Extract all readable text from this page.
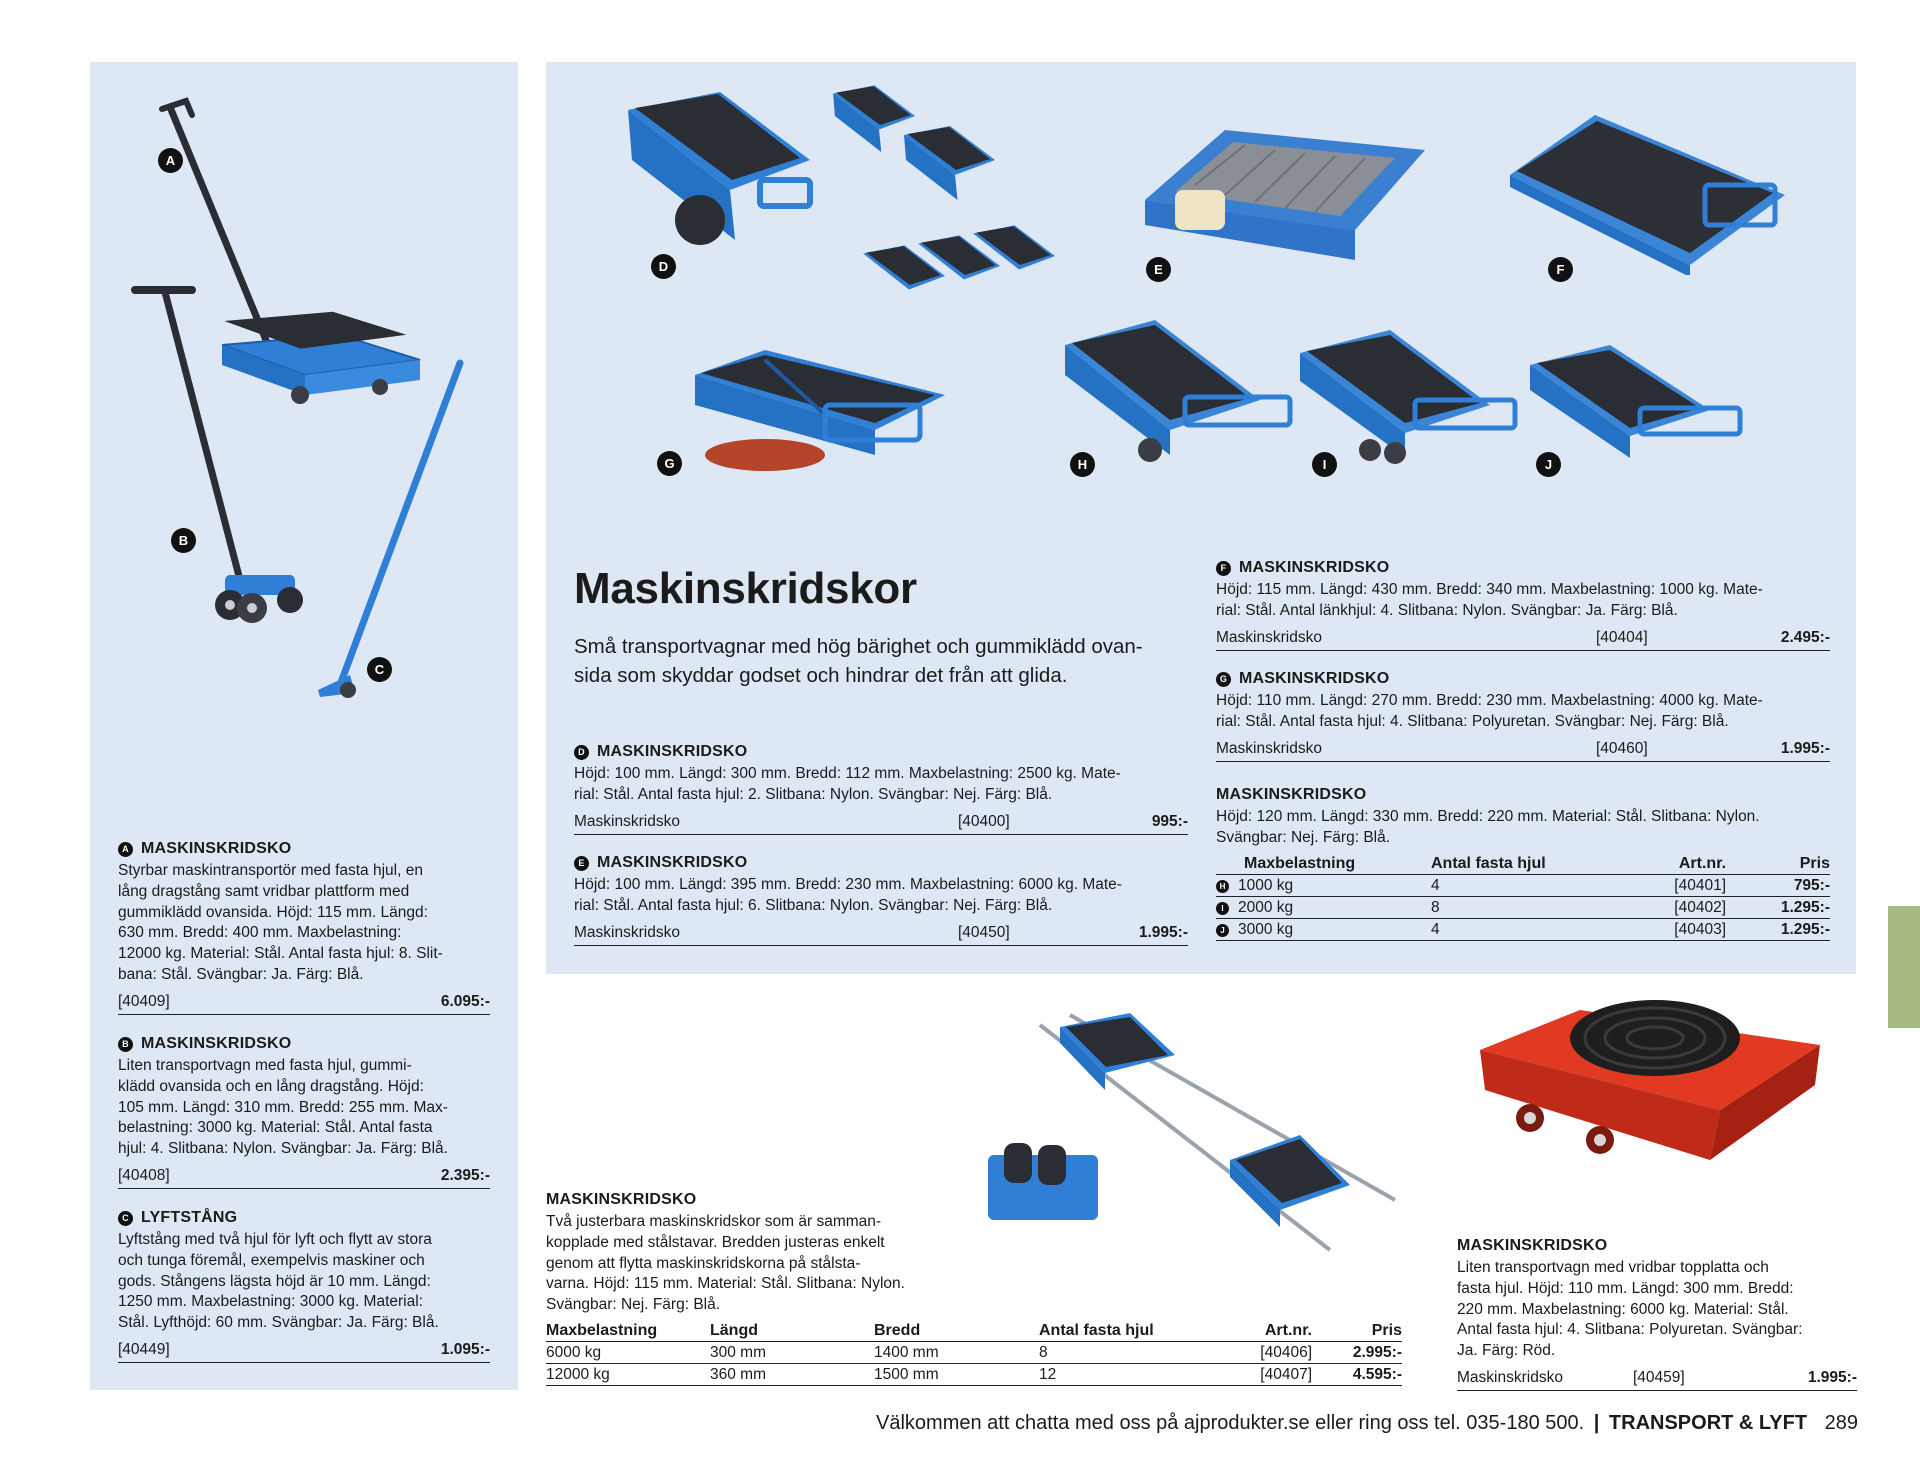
A
B
C
D	E	F
G	H	I	J
A MASKINSKRIDSKO
Styrbar maskintransportör med fasta hjul, en
lång dragstång samt vridbar plattform med
gummiklädd ovansida. Höjd: 115 mm. Längd:
630 mm. Bredd: 400 mm. Maxbelastning:
12000 kg. Material: Stål. Antal fasta hjul: 8. Slit-
bana: Stål. Svängbar: Ja. Färg: Blå.
[40409]	6.095:-
B MASKINSKRIDSKO
Liten transportvagn med fasta hjul, gummi-
klädd ovansida och en lång dragstång. Höjd:
105 mm. Längd: 310 mm. Bredd: 255 mm. Max-
belastning: 3000 kg. Material: Stål. Antal fasta
hjul: 4. Slitbana: Nylon. Svängbar: Ja. Färg: Blå.
[40408]	2.395:-
C LYFTSTÅNG
Lyftstång med två hjul för lyft och flytt av stora
och tunga föremål, exempelvis maskiner och
gods. Stångens lägsta höjd är 10 mm. Längd:
1250 mm. Maxbelastning: 3000 kg. Material:
Stål. Lyfthöjd: 60 mm. Svängbar: Ja. Färg: Blå.
[40449]	1.095:-
Maskinskridskor
Små transportvagnar med hög bärighet och gummiklädd ovan-
sida som skyddar godset och hindrar det från att glida.
D MASKINSKRIDSKO
Höjd: 100 mm. Längd: 300 mm. Bredd: 112 mm. Maxbelastning: 2500 kg. Mate-
rial: Stål. Antal fasta hjul: 2. Slitbana: Nylon. Svängbar: Nej. Färg: Blå.
Maskinskridsko	[40400]	995:-
E MASKINSKRIDSKO
Höjd: 100 mm. Längd: 395 mm. Bredd: 230 mm. Maxbelastning: 6000 kg. Mate-
rial: Stål. Antal fasta hjul: 6. Slitbana: Nylon. Svängbar: Nej. Färg: Blå.
Maskinskridsko	[40450]	1.995:-
F MASKINSKRIDSKO
Höjd: 115 mm. Längd: 430 mm. Bredd: 340 mm. Maxbelastning: 1000 kg. Mate-
rial: Stål. Antal länkhjul: 4. Slitbana: Nylon. Svängbar: Ja. Färg: Blå.
Maskinskridsko	[40404]	2.495:-
G MASKINSKRIDSKO
Höjd: 110 mm. Längd: 270 mm. Bredd: 230 mm. Maxbelastning: 4000 kg. Mate-
rial: Stål. Antal fasta hjul: 4. Slitbana: Polyuretan. Svängbar: Nej. Färg: Blå.
Maskinskridsko	[40460]	1.995:-
MASKINSKRIDSKO
Höjd: 120 mm. Längd: 330 mm. Bredd: 220 mm. Material: Stål. Slitbana: Nylon.
Svängbar: Nej. Färg: Blå.
Maxbelastning	Antal fasta hjul	Art.nr.	Pris
H 1000 kg	4	[40401]	795:-
I 2000 kg	8	[40402]	1.295:-
J 3000 kg	4	[40403]	1.295:-
MASKINSKRIDSKO
Två justerbara maskinskridskor som är samman-
kopplade med stålstavar. Bredden justeras enkelt
genom att flytta maskinskridskorna på stålsta-
varna. Höjd: 115 mm. Material: Stål. Slitbana: Nylon.
Svängbar: Nej. Färg: Blå.
Maxbelastning	Längd	Bredd	Antal fasta hjul	Art.nr.	Pris
6000 kg	300 mm	1400 mm	8	[40406]	2.995:-
12000 kg	360 mm	1500 mm	12	[40407]	4.595:-
MASKINSKRIDSKO
Liten transportvagn med vridbar topplatta och
fasta hjul. Höjd: 110 mm. Längd: 300 mm. Bredd:
220 mm. Maxbelastning: 6000 kg. Material: Stål.
Antal fasta hjul: 4. Slitbana: Polyuretan. Svängbar:
Ja. Färg: Röd.
Maskinskridsko	[40459]	1.995:-
Välkommen att chatta med oss på ajprodukter.se eller ring oss tel. 035-180 500. | TRANSPORT & LYFT 289
